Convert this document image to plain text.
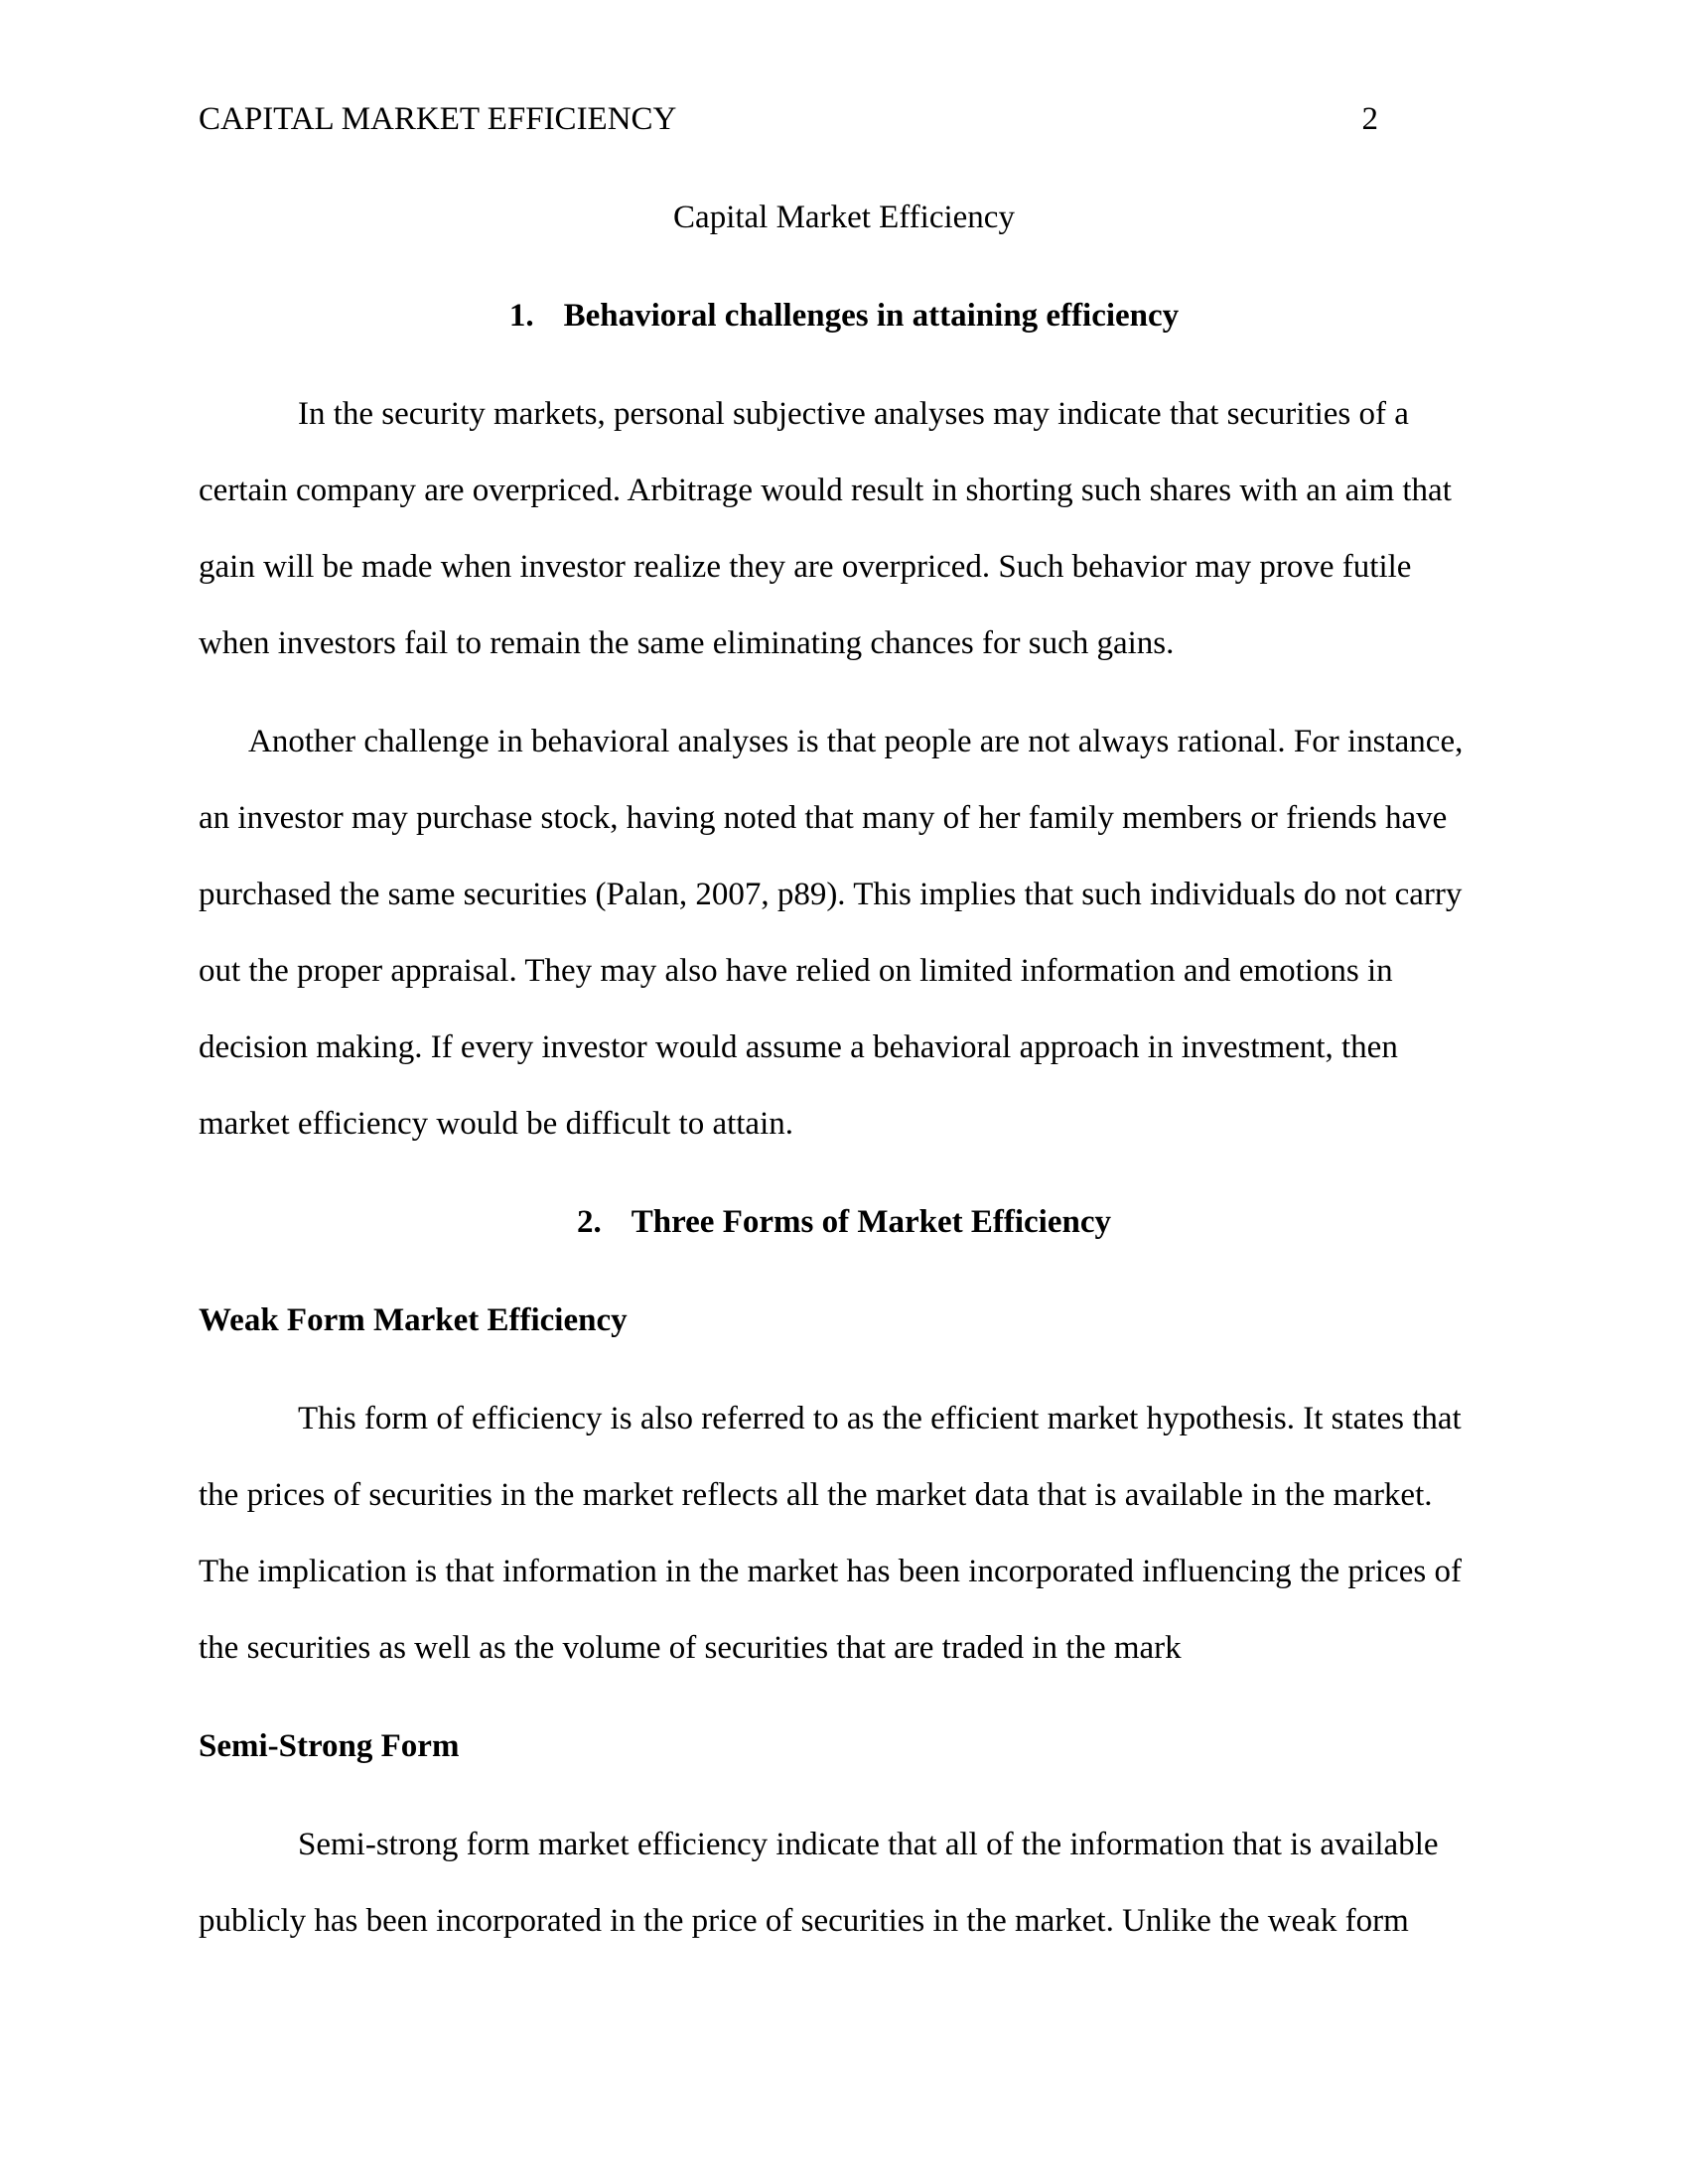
CAPITAL MARKET EFFICIENCY	2
Capital Market Efficiency
1. Behavioral challenges in attaining efficiency
In the security markets, personal subjective analyses may indicate that securities of a
certain company are overpriced. Arbitrage would result in shorting such shares with an aim that
gain will be made when investor realize they are overpriced. Such behavior may prove futile
when investors fail to remain the same eliminating chances for such gains.
Another challenge in behavioral analyses is that people are not always rational. For instance,
an investor may purchase stock, having noted that many of her family members or friends have
purchased the same securities (Palan, 2007, p89). This implies that such individuals do not carry
out the proper appraisal. They may also have relied on limited information and emotions in
decision making. If every investor would assume a behavioral approach in investment, then
market efficiency would be difficult to attain.
2. Three Forms of Market Efficiency
Weak Form Market Efficiency
This form of efficiency is also referred to as the efficient market hypothesis. It states that
the prices of securities in the market reflects all the market data that is available in the market.
The implication is that information in the market has been incorporated influencing the prices of
the securities as well as the volume of securities that are traded in the mark
Semi-Strong Form
Semi-strong form market efficiency indicate that all of the information that is available
publicly has been incorporated in the price of securities in the market. Unlike the weak form
